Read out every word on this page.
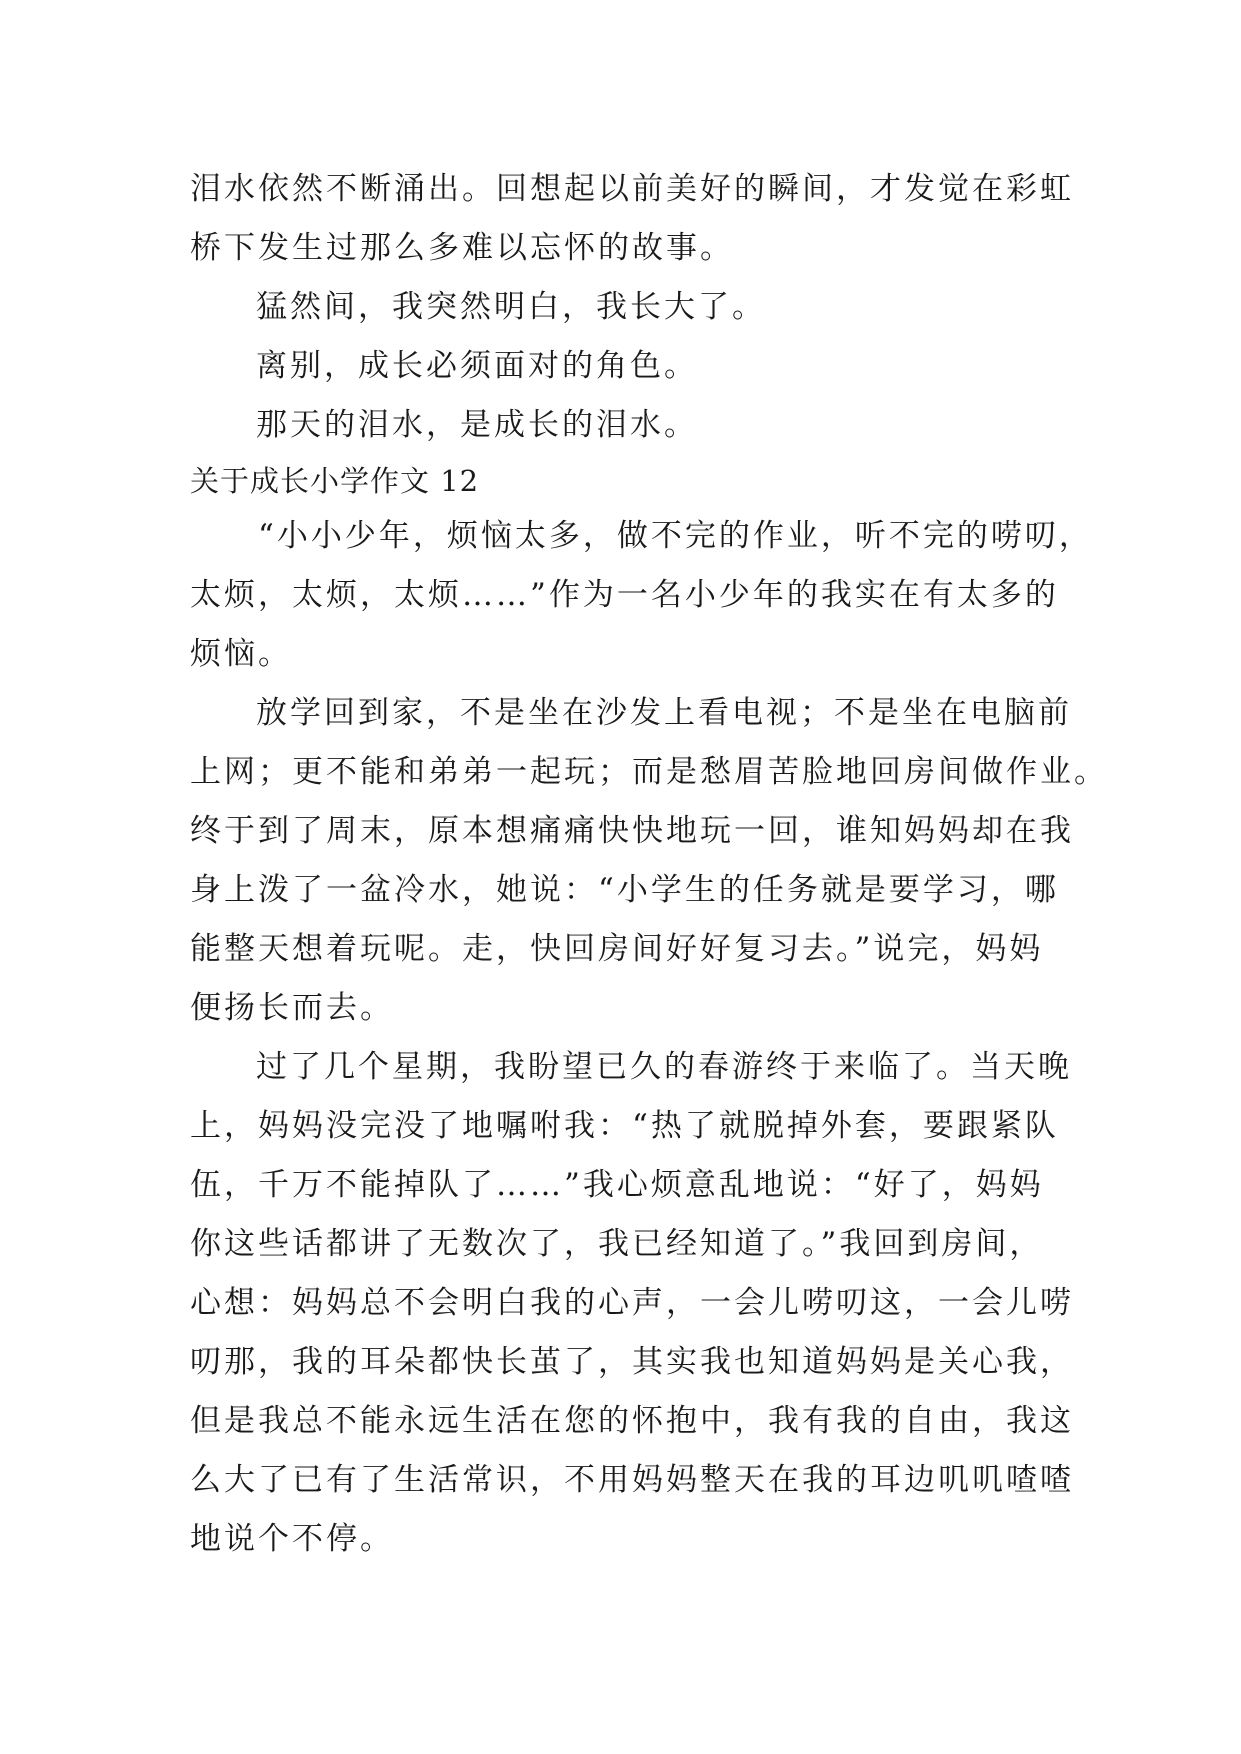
泪水依然不断涌出。回想起以前美好的瞬间，才发觉在彩虹
桥下发生过那么多难以忘怀的故事。
猛然间，我突然明白，我长大了。
离别，成长必须面对的角色。
那天的泪水，是成长的泪水。
关于成长小学作文 12
“小小少年，烦恼太多，做不完的作业，听不完的唠叨，
太烦，太烦，太烦……”作为一名小少年的我实在有太多的
烦恼。
放学回到家，不是坐在沙发上看电视；不是坐在电脑前
上网；更不能和弟弟一起玩；而是愁眉苦脸地回房间做作业。
终于到了周末，原本想痛痛快快地玩一回，谁知妈妈却在我
身上泼了一盆冷水，她说：“小学生的任务就是要学习，哪
能整天想着玩呢。走，快回房间好好复习去。”说完，妈妈
便扬长而去。
过了几个星期，我盼望已久的春游终于来临了。当天晚
上，妈妈没完没了地嘱咐我：“热了就脱掉外套，要跟紧队
伍，千万不能掉队了……”我心烦意乱地说：“好了，妈妈
你这些话都讲了无数次了，我已经知道了。”我回到房间，
心想：妈妈总不会明白我的心声，一会儿唠叨这，一会儿唠
叨那，我的耳朵都快长茧了，其实我也知道妈妈是关心我，
但是我总不能永远生活在您的怀抱中，我有我的自由，我这
么大了已有了生活常识，不用妈妈整天在我的耳边叽叽喳喳
地说个不停。
